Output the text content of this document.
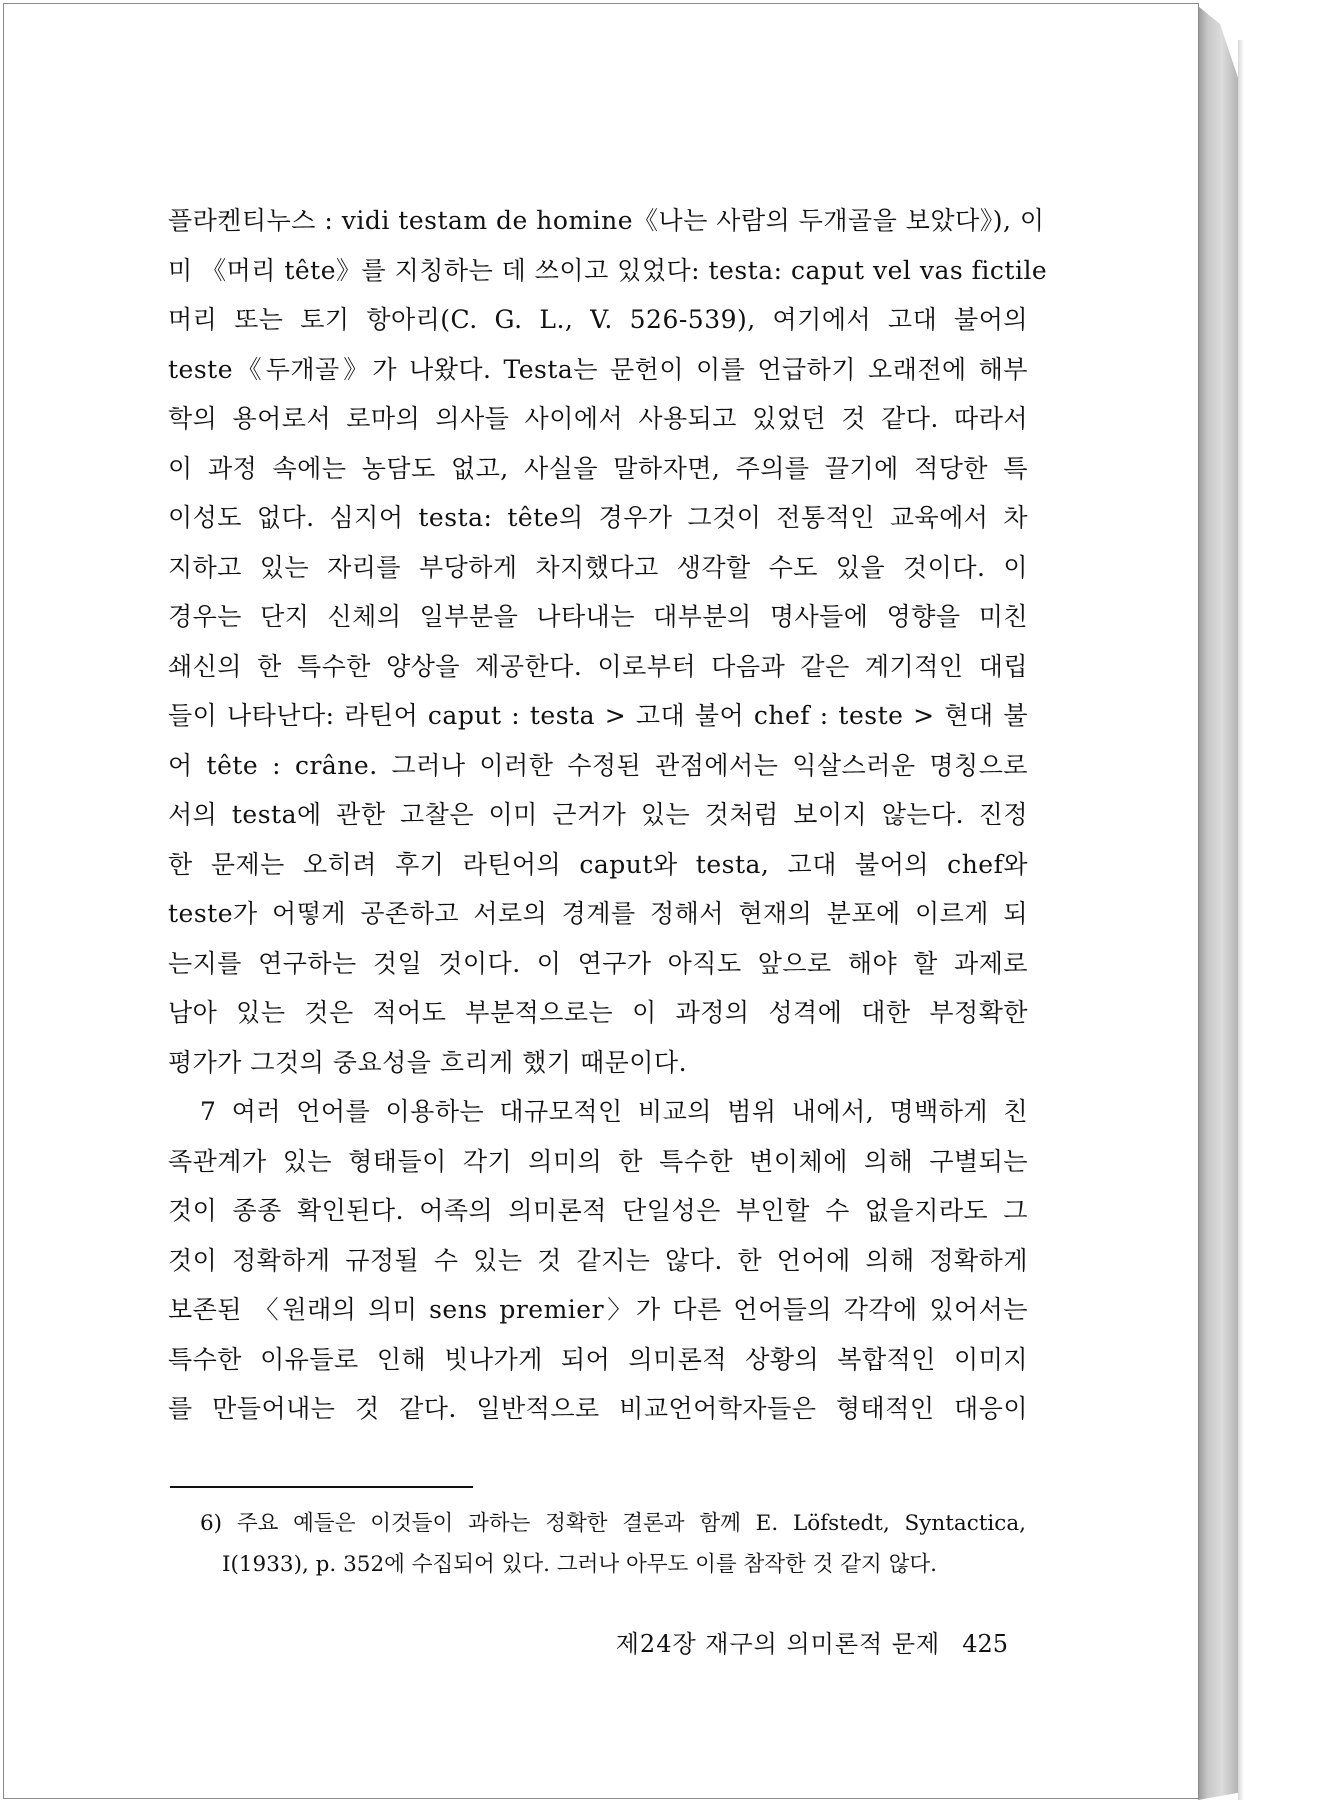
플라켄티누스 : vidi testam de homine《나는 사람의 두개골을 보았다》), 이
미 《머리 tête》를 지칭하는 데 쓰이고 있었다: testa: caput vel vas fictile
머리 또는 토기 항아리(C. G. L., V. 526-539), 여기에서 고대 불어의
teste《두개골》가 나왔다. Testa는 문헌이 이를 언급하기 오래전에 해부
학의 용어로서 로마의 의사들 사이에서 사용되고 있었던 것 같다. 따라서
이 과정 속에는 농담도 없고, 사실을 말하자면, 주의를 끌기에 적당한 특
이성도 없다. 심지어 testa: tête의 경우가 그것이 전통적인 교육에서 차
지하고 있는 자리를 부당하게 차지했다고 생각할 수도 있을 것이다. 이
경우는 단지 신체의 일부분을 나타내는 대부분의 명사들에 영향을 미친
쇄신의 한 특수한 양상을 제공한다. 이로부터 다음과 같은 계기적인 대립
들이 나타난다: 라틴어 caput : testa > 고대 불어 chef : teste > 현대 불
어 tête : crâne. 그러나 이러한 수정된 관점에서는 익살스러운 명칭으로
서의 testa에 관한 고찰은 이미 근거가 있는 것처럼 보이지 않는다. 진정
한 문제는 오히려 후기 라틴어의 caput와 testa, 고대 불어의 chef와
teste가 어떻게 공존하고 서로의 경계를 정해서 현재의 분포에 이르게 되
는지를 연구하는 것일 것이다. 이 연구가 아직도 앞으로 해야 할 과제로
남아 있는 것은 적어도 부분적으로는 이 과정의 성격에 대한 부정확한
평가가 그것의 중요성을 흐리게 했기 때문이다.
7 여러 언어를 이용하는 대규모적인 비교의 범위 내에서, 명백하게 친
족관계가 있는 형태들이 각기 의미의 한 특수한 변이체에 의해 구별되는
것이 종종 확인된다. 어족의 의미론적 단일성은 부인할 수 없을지라도 그
것이 정확하게 규정될 수 있는 것 같지는 않다. 한 언어에 의해 정확하게
보존된 〈원래의 의미 sens premier〉가 다른 언어들의 각각에 있어서는
특수한 이유들로 인해 빗나가게 되어 의미론적 상황의 복합적인 이미지
를 만들어내는 것 같다. 일반적으로 비교언어학자들은 형태적인 대응이
6) 주요 예들은 이것들이 과하는 정확한 결론과 함께 E. Löfstedt, Syntactica,
I(1933), p. 352에 수집되어 있다. 그러나 아무도 이를 참작한 것 같지 않다.
제24장 재구의 의미론적 문제 425
